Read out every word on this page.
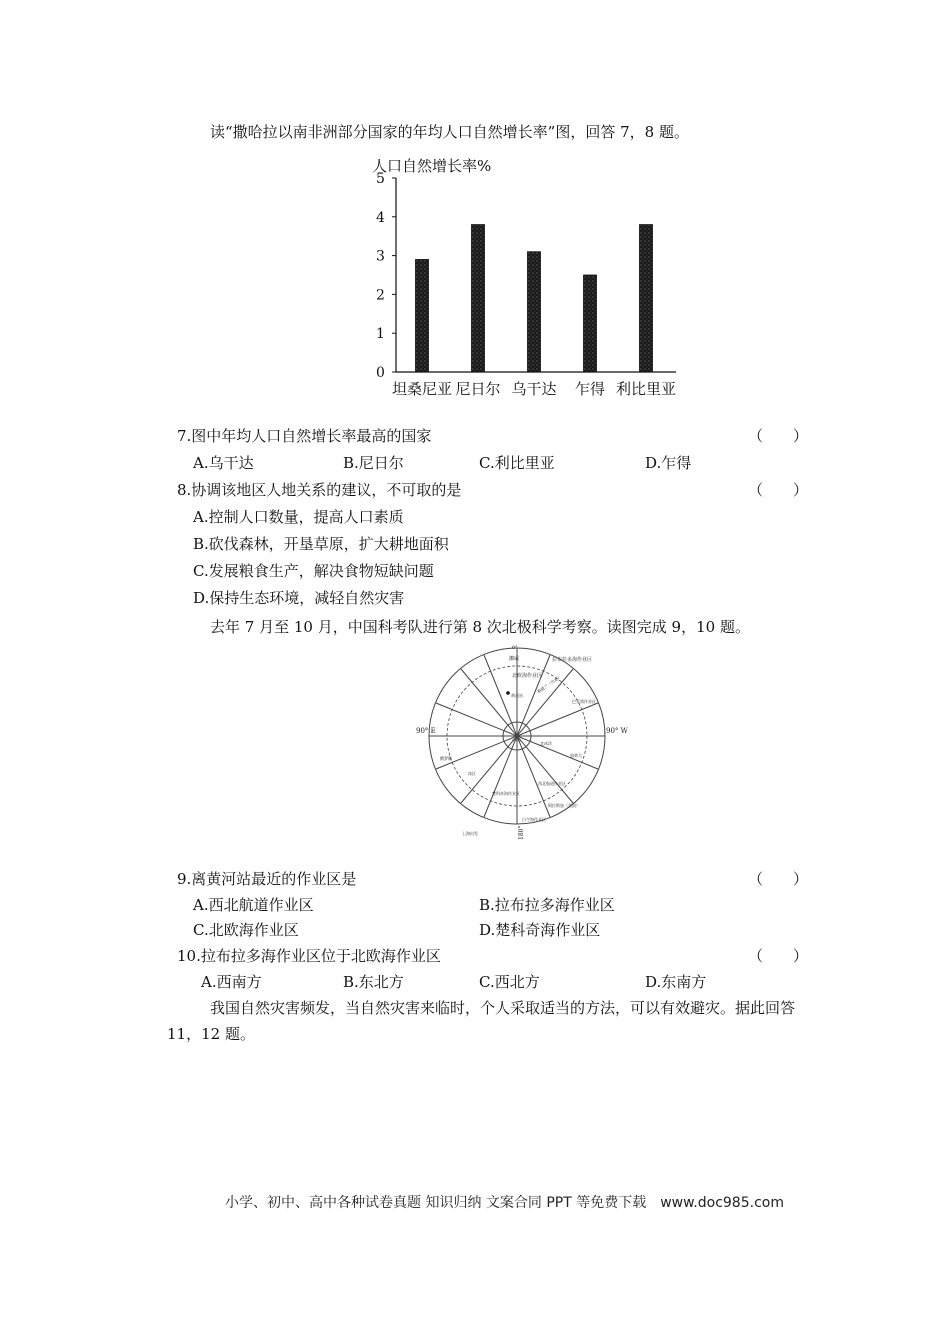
读“撒哈拉以南非洲部分国家的年均人口自然增长率”图，回答 7，8 题。
人口自然增长率%
0
1
2
3
4
5
坦桑尼亚 尼日尔 乌干达 乍得 利比里亚
7.图中年均人口自然增长率最高的国家	（　　）
A.乌干达	B.尼日尔	C.利比里亚	D.乍得
8.协调该地区人地关系的建议，不可取的是	（　　）
A.控制人口数量，提高人口素质
B.砍伐森林，开垦草原，扩大耕地面积
C.发展粮食生产，解决食物短缺问题
D.保持生态环境，减轻自然灾害
去年 7 月至 10 月，中国科考队进行第 8 次北极科学考察。读图完成 9，10 题。
0°
90° E	90° W
180°
挪威	拉布拉多海作业区
北欧海作业区
黄河站
巴芬湾作业区
格陵兰（丹麦）
北冰洋
加拿大
楚科奇海作业区
西北航道作业区
阿拉斯加（美国）
白令海作业区
上海出发
俄罗斯
中央区
冰区
9.离黄河站最近的作业区是	（　　）
A.西北航道作业区	B.拉布拉多海作业区
C.北欧海作业区	D.楚科奇海作业区
10.拉布拉多海作业区位于北欧海作业区	（　　）
A.西南方	B.东北方	C.西北方	D.东南方
我国自然灾害频发，当自然灾害来临时，个人采取适当的方法，可以有效避灾。据此回答
11，12 题。
小学、初中、高中各种试卷真题 知识归纳 文案合同 PPT 等免费下载　www.doc985.com
